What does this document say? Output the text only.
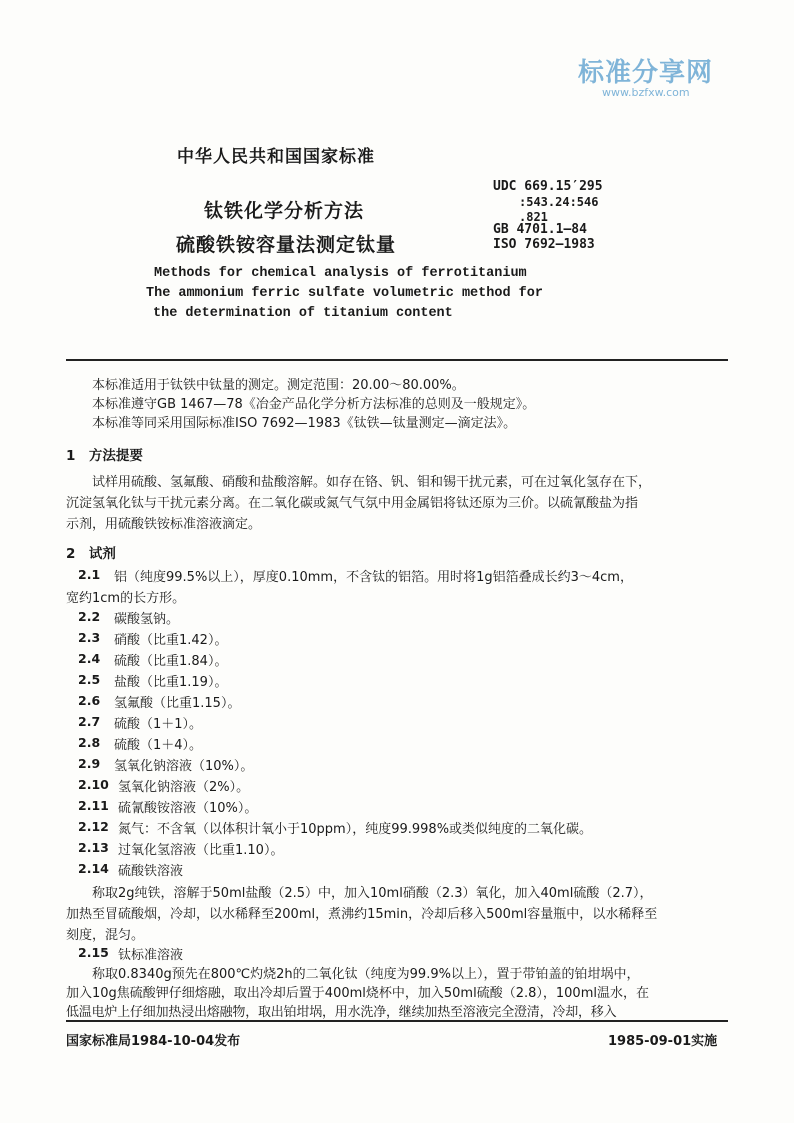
标准分享网
www.bzfxw.com
中华人民共和国国家标准
钛铁化学分析方法
硫酸铁铵容量法测定钛量
UDC 669.15′295
:543.24:546
.821
GB 4701.1—84
ISO 7692—1983
Methods for chemical analysis of ferrotitanium
The ammonium ferric sulfate volumetric method for
the determination of titanium content
本标准适用于钛铁中钛量的测定。测定范围：20.00～80.00%。
本标准遵守GB 1467—78《冶金产品化学分析方法标准的总则及一般规定》。
本标准等同采用国际标准ISO 7692—1983《钛铁—钛量测定—滴定法》。
1　方法提要
试样用硫酸、氢氟酸、硝酸和盐酸溶解。如存在铬、钒、钼和锡干扰元素，可在过氧化氢存在下，
沉淀氢氧化钛与干扰元素分离。在二氧化碳或氮气气氛中用金属铝将钛还原为三价。以硫氰酸盐为指
示剂，用硫酸铁铵标准溶液滴定。
2　试剂
2.1 铝（纯度99.5%以上），厚度0.10mm，不含钛的铝箔。用时将1g铝箔叠成长约3～4cm，
宽约1cm的长方形。
2.2 碳酸氢钠。
2.3 硝酸（比重1.42）。
2.4 硫酸（比重1.84）。
2.5 盐酸（比重1.19）。
2.6 氢氟酸（比重1.15）。
2.7 硫酸（1＋1）。
2.8 硫酸（1＋4）。
2.9 氢氧化钠溶液（10%）。
2.10 氢氧化钠溶液（2%）。
2.11 硫氰酸铵溶液（10%）。
2.12 氮气：不含氧（以体积计氧小于10ppm），纯度99.998%或类似纯度的二氧化碳。
2.13 过氧化氢溶液（比重1.10）。
2.14 硫酸铁溶液
称取2g纯铁，溶解于50ml盐酸（2.5）中，加入10ml硝酸（2.3）氧化，加入40ml硫酸（2.7），
加热至冒硫酸烟，冷却，以水稀释至200ml，煮沸约15min，冷却后移入500ml容量瓶中，以水稀释至
刻度，混匀。
2.15 钛标准溶液
称取0.8340g预先在800℃灼烧2h的二氧化钛（纯度为99.9%以上），置于带铂盖的铂坩埚中，
加入10g焦硫酸钾仔细熔融，取出冷却后置于400ml烧杯中，加入50ml硫酸（2.8），100ml温水，在
低温电炉上仔细加热浸出熔融物，取出铂坩埚，用水洗净，继续加热至溶液完全澄清，冷却，移入
国家标准局1984-10-04发布	1985-09-01实施
